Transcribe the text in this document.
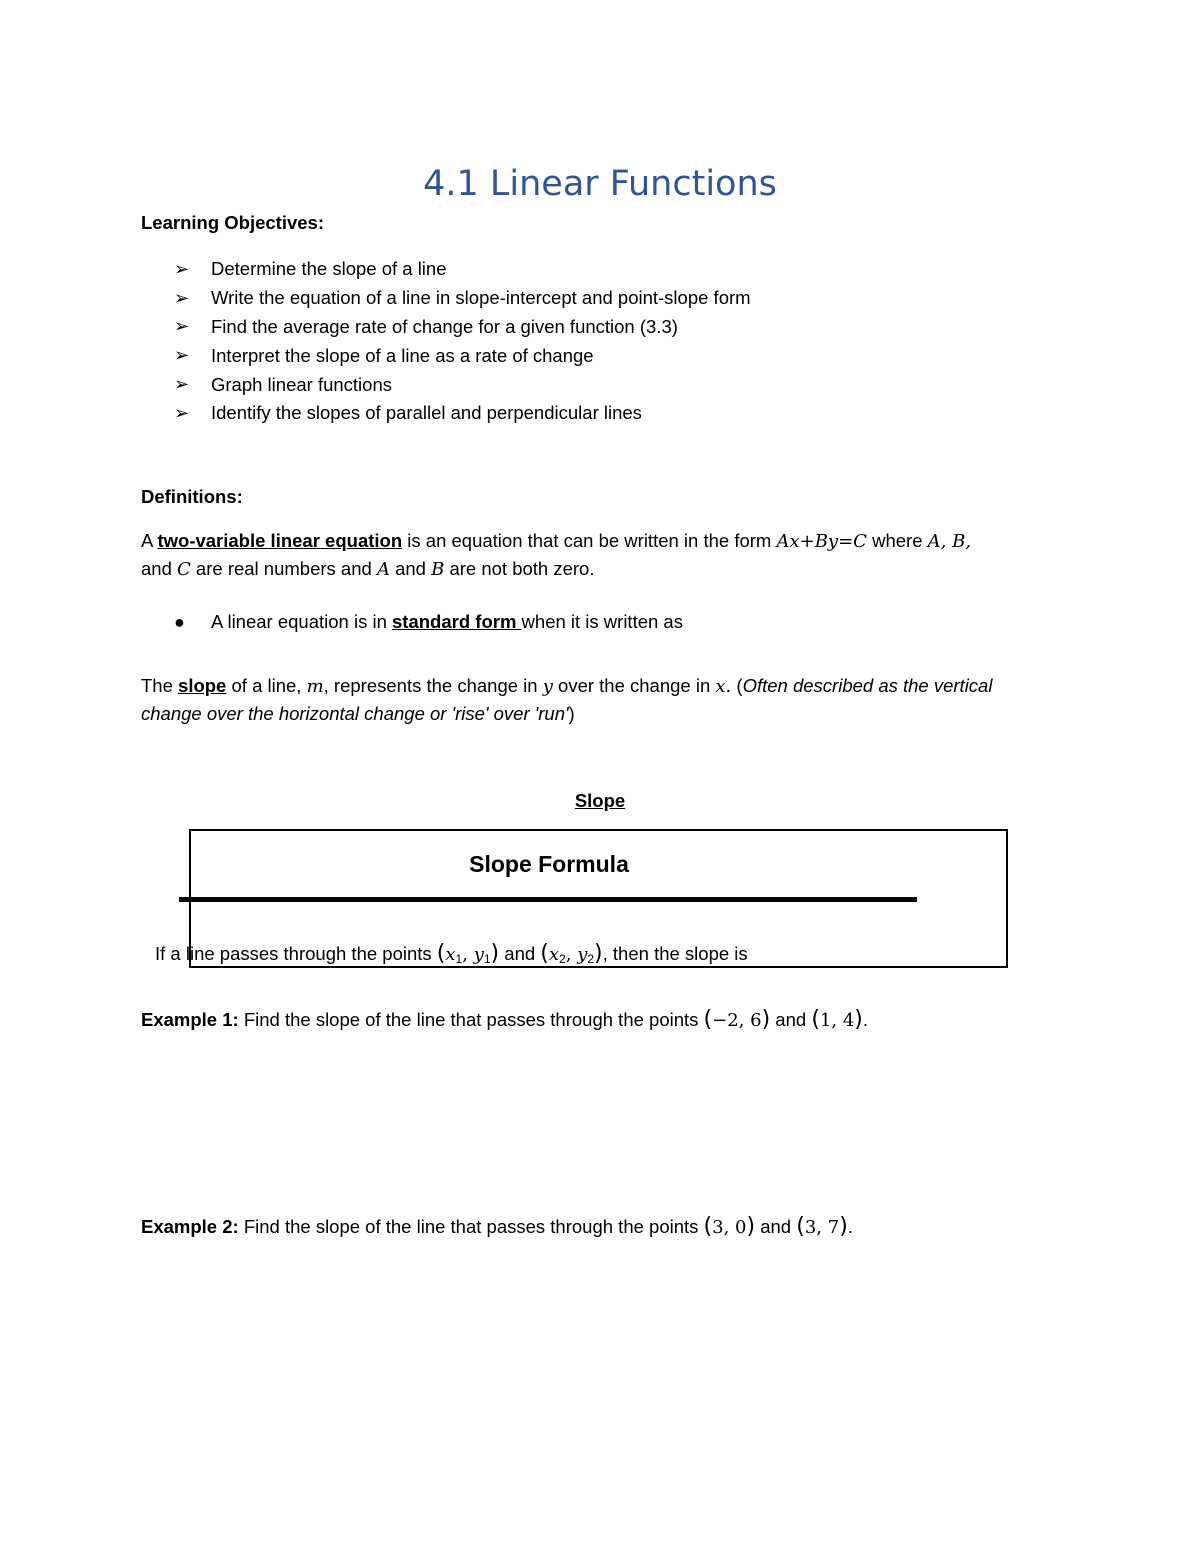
4.1 Linear Functions
Learning Objectives:
➢	Determine the slope of a line
➢	Write the equation of a line in slope-intercept and point-slope form
➢	Find the average rate of change for a given function (3.3)
➢	Interpret the slope of a line as a rate of change
➢	Graph linear functions
➢	Identify the slopes of parallel and perpendicular lines
Definitions:
A two-variable linear equation is an equation that can be written in the form Ax+By=C where A, B,
and C are real numbers and A and B are not both zero.
● A linear equation is in standard form when it is written as
The slope of a line, m, represents the change in y over the change in x. (Often described as the vertical
change over the horizontal change or 'rise' over 'run')
Slope
Slope Formula
If a line passes through the points ($x_1$, $y_1$) and ($x_2$, $y_2$), then the slope is
Example 1: Find the slope of the line that passes through the points (−2, 6) and (1, 4).
Example 2: Find the slope of the line that passes through the points (3, 0) and (3, 7).
